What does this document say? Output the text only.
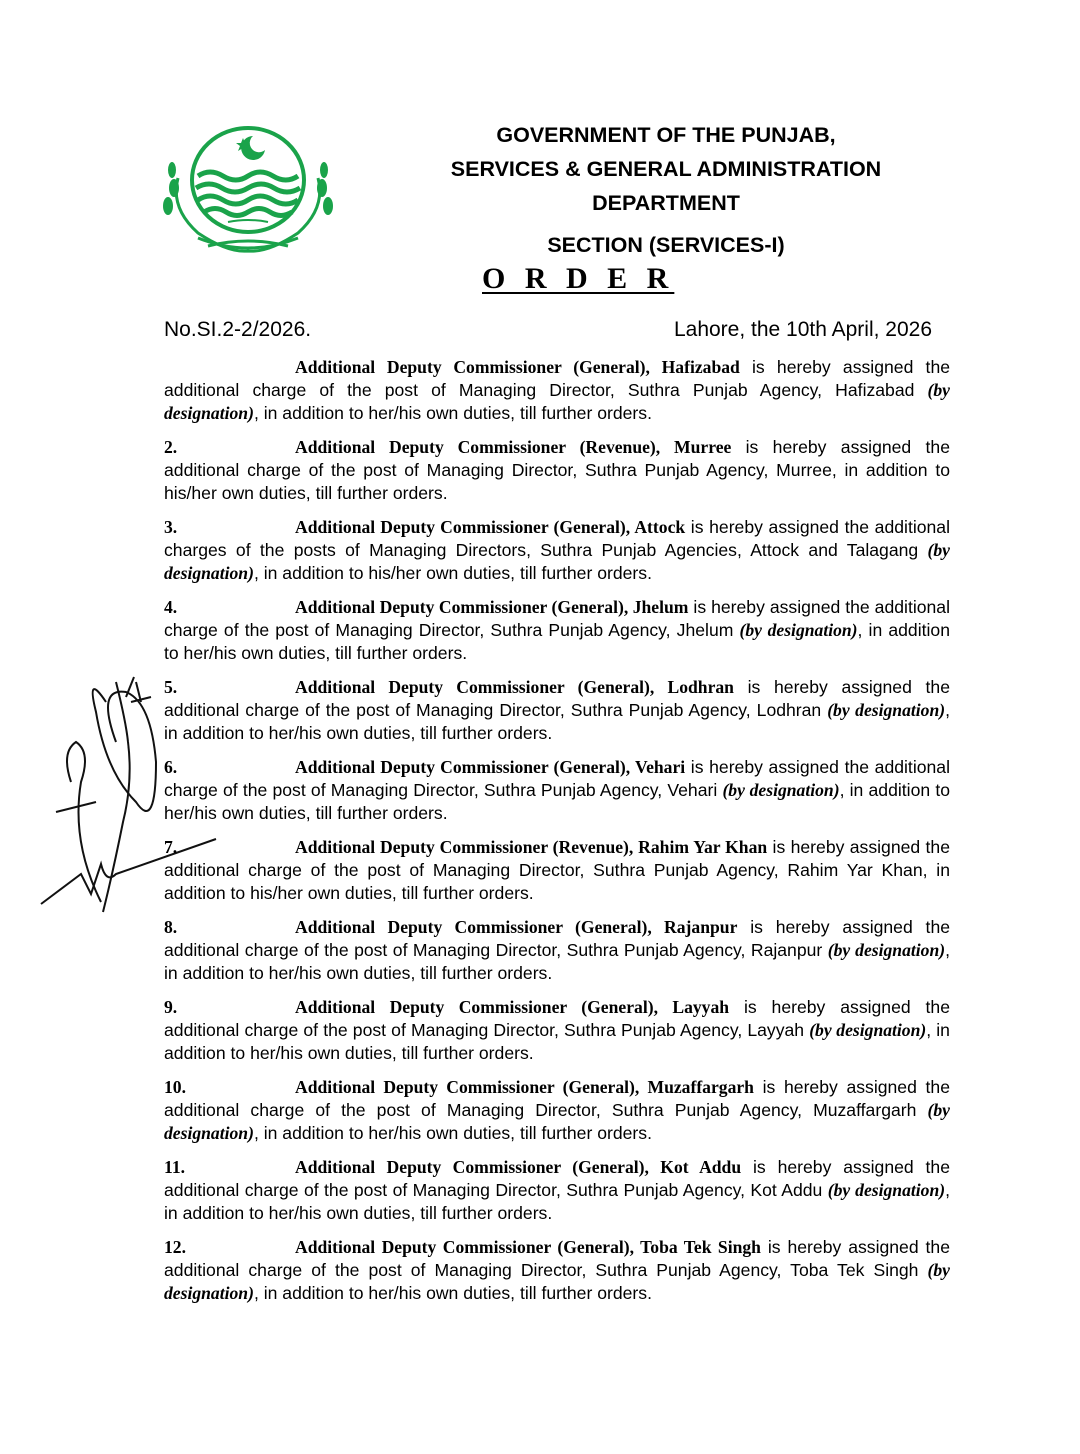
GOVERNMENT OF THE PUNJAB,
SERVICES & GENERAL ADMINISTRATION
DEPARTMENT
SECTION (SERVICES-I)
O R D E R
No.SI.2-2/2026.	Lahore, the 10th April, 2026

Additional Deputy Commissioner (General), Hafizabad is hereby assigned the additional charge of the post of Managing Director, Suthra Punjab Agency, Hafizabad (by designation), in addition to her/his own duties, till further orders.

2.	Additional Deputy Commissioner (Revenue), Murree is hereby assigned the additional charge of the post of Managing Director, Suthra Punjab Agency, Murree, in addition to his/her own duties, till further orders.

3.	Additional Deputy Commissioner (General), Attock is hereby assigned the additional charges of the posts of Managing Directors, Suthra Punjab Agencies, Attock and Talagang (by designation), in addition to his/her own duties, till further orders.

4.	Additional Deputy Commissioner (General), Jhelum is hereby assigned the additional charge of the post of Managing Director, Suthra Punjab Agency, Jhelum (by designation), in addition to her/his own duties, till further orders.

5.	Additional Deputy Commissioner (General), Lodhran is hereby assigned the additional charge of the post of Managing Director, Suthra Punjab Agency, Lodhran (by designation), in addition to her/his own duties, till further orders.

6.	Additional Deputy Commissioner (General), Vehari is hereby assigned the additional charge of the post of Managing Director, Suthra Punjab Agency, Vehari (by designation), in addition to her/his own duties, till further orders.

7.	Additional Deputy Commissioner (Revenue), Rahim Yar Khan is hereby assigned the additional charge of the post of Managing Director, Suthra Punjab Agency, Rahim Yar Khan, in addition to his/her own duties, till further orders.

8.	Additional Deputy Commissioner (General), Rajanpur is hereby assigned the additional charge of the post of Managing Director, Suthra Punjab Agency, Rajanpur (by designation), in addition to her/his own duties, till further orders.

9.	Additional Deputy Commissioner (General), Layyah is hereby assigned the additional charge of the post of Managing Director, Suthra Punjab Agency, Layyah (by designation), in addition to her/his own duties, till further orders.

10.	Additional Deputy Commissioner (General), Muzaffargarh is hereby assigned the additional charge of the post of Managing Director, Suthra Punjab Agency, Muzaffargarh (by designation), in addition to her/his own duties, till further orders.

11.	Additional Deputy Commissioner (General), Kot Addu is hereby assigned the additional charge of the post of Managing Director, Suthra Punjab Agency, Kot Addu (by designation), in addition to her/his own duties, till further orders.

12.	Additional Deputy Commissioner (General), Toba Tek Singh is hereby assigned the additional charge of the post of Managing Director, Suthra Punjab Agency, Toba Tek Singh (by designation), in addition to her/his own duties, till further orders.
